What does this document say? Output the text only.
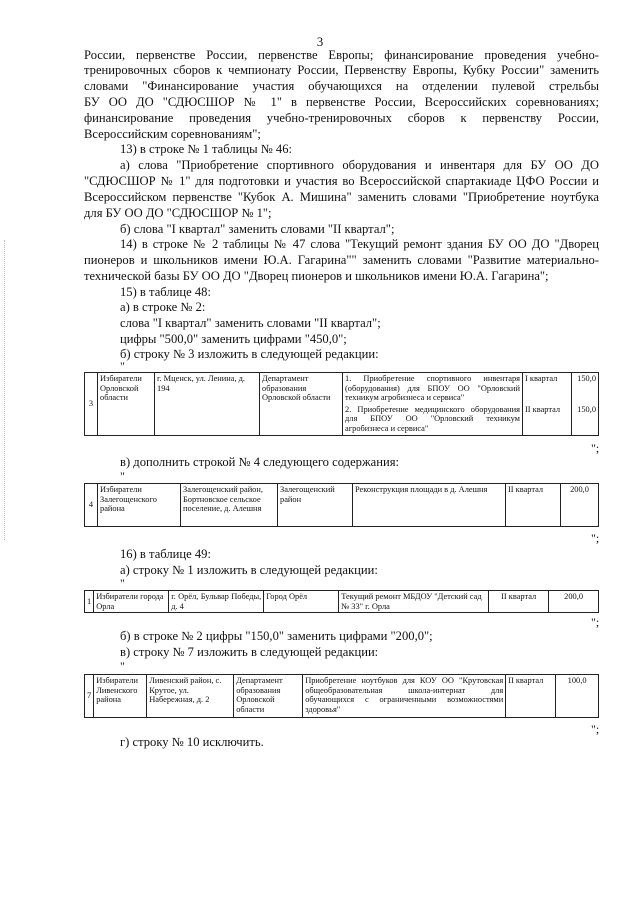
3
России, первенстве России, первенстве Европы; финансирование проведения учебно-
тренировочных сборов к чемпионату России, Первенству Европы, Кубку России" заменить
словами "Финансирование участия обучающихся на отделении пулевой стрельбы
БУ ОО ДО "СДЮСШОР № 1" в первенстве России, Всероссийских соревнованиях;
финансирование проведения учебно-тренировочных сборов к первенству России,
Всероссийским соревнованиям";
13) в строке № 1 таблицы № 46:
а) слова "Приобретение спортивного оборудования и инвентаря для БУ ОО ДО
"СДЮСШОР № 1" для подготовки и участия во Всероссийской спартакиаде ЦФО России и
Всероссийском первенстве "Кубок А. Мишина" заменить словами "Приобретение ноутбука
для БУ ОО ДО "СДЮСШОР № 1";
б) слова "I квартал" заменить словами "II квартал";
14) в строке № 2 таблицы № 47 слова "Текущий ремонт здания БУ ОО ДО "Дворец
пионеров и школьников имени Ю.А. Гагарина"" заменить словами "Развитие материально-
технической базы БУ ОО ДО "Дворец пионеров и школьников имени Ю.А. Гагарина";
15) в таблице 48:
а) в строке № 2:
слова "I квартал" заменить словами "II квартал";
цифры "500,0" заменить цифрами "450,0";
б) строку № 3 изложить в следующей редакции:
"
3	Избиратели Орловской области	г. Мценск, ул. Ленина, д. 194	Департамент образования Орловской области	1. Приобретение спортивного инвентаря (оборудования) для БПОУ ОО "Орловский техникум агробизнеса и сервиса"	I квартал	150,0
				2. Приобретение медицинского оборудования для БПОУ ОО "Орловский техникум агробизнеса и сервиса"	II квартал	150,0
";
в) дополнить строкой № 4 следующего содержания:
"
4	Избиратели Залегощенского района	Залегощенский район, Бортновское сельское поселение, д. Алешня	Залегощенский район	Реконструкция площади в д. Алешня	II квартал	200,0
";
16) в таблице 49:
а) строку № 1 изложить в следующей редакции:
"
1	Избиратели города Орла	г. Орёл, Бульвар Победы, д. 4	Город Орёл	Текущий ремонт МБДОУ "Детский сад № 33" г. Орла	II квартал	200,0
";
б) в строке № 2 цифры "150,0" заменить цифрами "200,0";
в) строку № 7 изложить в следующей редакции:
"
7	Избиратели Ливенского района	Ливенский район, с. Крутое, ул. Набережная, д. 2	Департамент образования Орловской области	Приобретение ноутбуков для КОУ ОО "Крутовская общеобразовательная школа-интернат для обучающихся с ограниченными возможностями здоровья"	II квартал	100,0
";
г) строку № 10 исключить.
